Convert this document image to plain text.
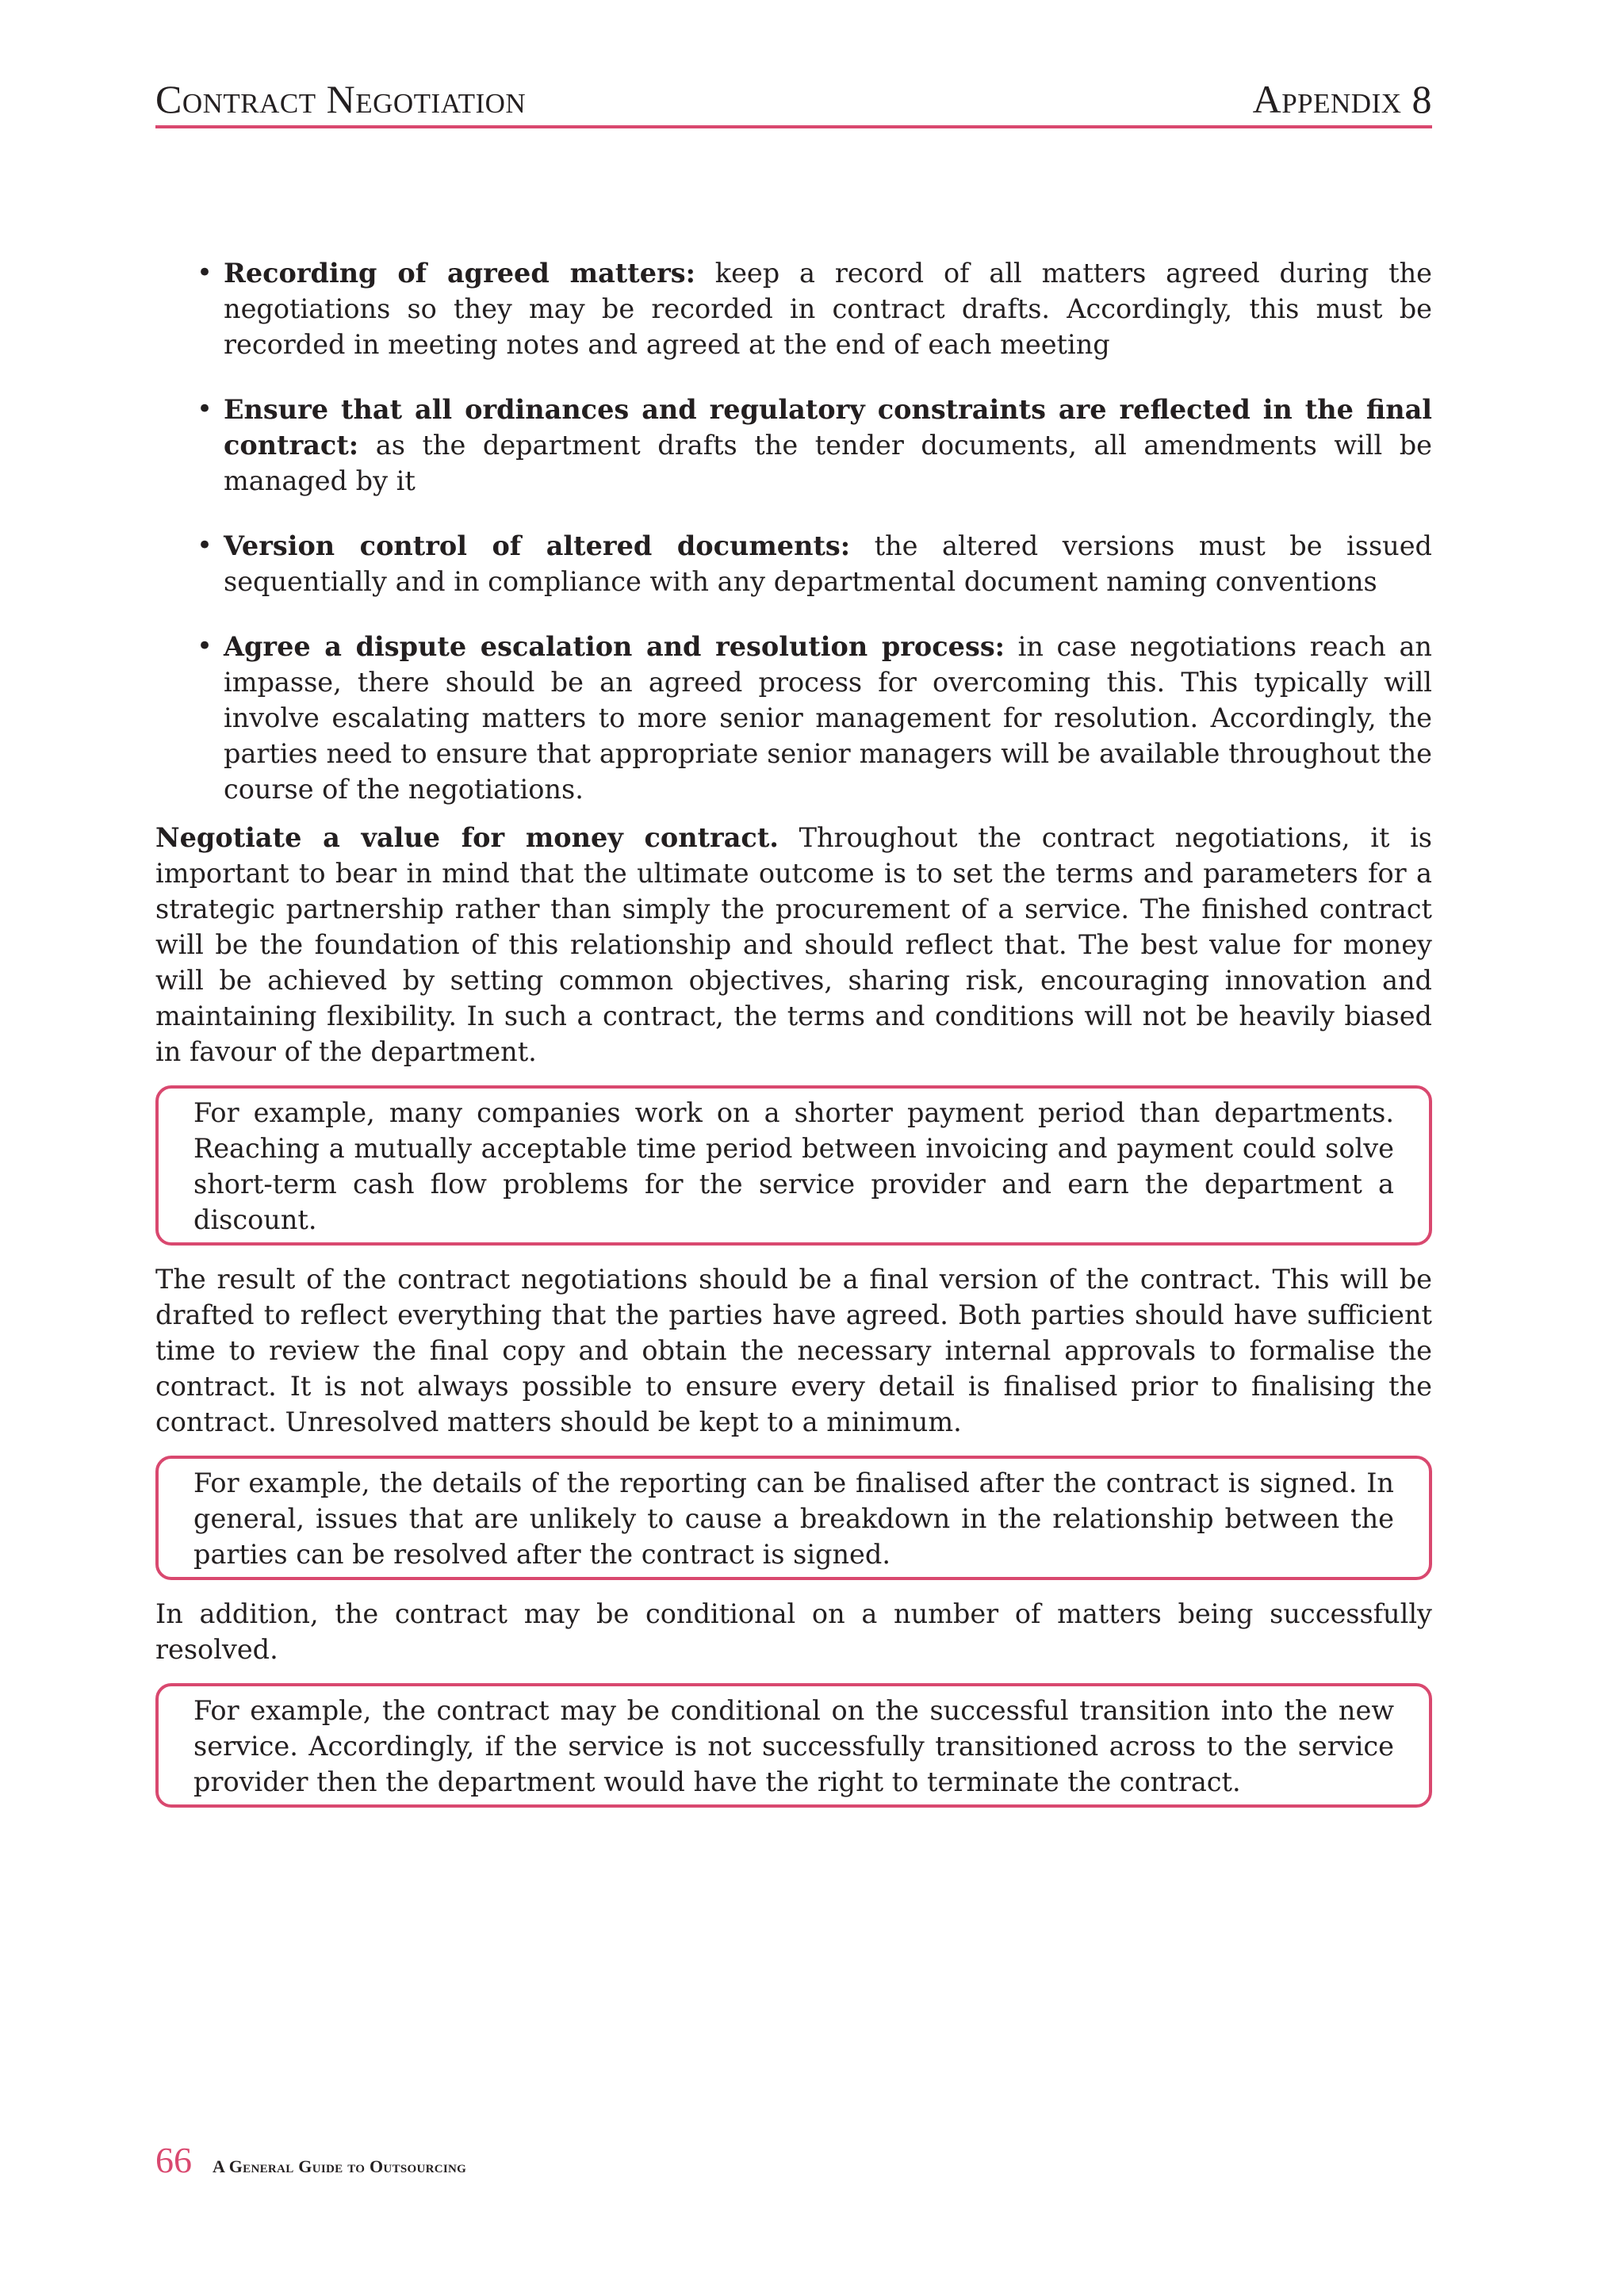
Contract Negotiation	Appendix 8
• Recording of agreed matters: keep a record of all matters agreed during the negotiations so they may be recorded in contract drafts. Accordingly, this must be recorded in meeting notes and agreed at the end of each meeting
• Ensure that all ordinances and regulatory constraints are reflected in the final contract: as the department drafts the tender documents, all amendments will be managed by it
• Version control of altered documents: the altered versions must be issued sequentially and in compliance with any departmental document naming conventions
• Agree a dispute escalation and resolution process: in case negotiations reach an impasse, there should be an agreed process for overcoming this. This typically will involve escalating matters to more senior management for resolution. Accordingly, the parties need to ensure that appropriate senior managers will be available throughout the course of the negotiations.

Negotiate a value for money contract. Throughout the contract negotiations, it is important to bear in mind that the ultimate outcome is to set the terms and parameters for a strategic partnership rather than simply the procurement of a service. The finished contract will be the foundation of this relationship and should reflect that. The best value for money will be achieved by setting common objectives, sharing risk, encouraging innovation and maintaining flexibility. In such a contract, the terms and conditions will not be heavily biased in favour of the department.

For example, many companies work on a shorter payment period than departments. Reaching a mutually acceptable time period between invoicing and payment could solve short-term cash flow problems for the service provider and earn the department a discount.

The result of the contract negotiations should be a final version of the contract. This will be drafted to reflect everything that the parties have agreed. Both parties should have sufficient time to review the final copy and obtain the necessary internal approvals to formalise the contract. It is not always possible to ensure every detail is finalised prior to finalising the contract. Unresolved matters should be kept to a minimum.

For example, the details of the reporting can be finalised after the contract is signed. In general, issues that are unlikely to cause a breakdown in the relationship between the parties can be resolved after the contract is signed.

In addition, the contract may be conditional on a number of matters being successfully resolved.

For example, the contract may be conditional on the successful transition into the new service. Accordingly, if the service is not successfully transitioned across to the service provider then the department would have the right to terminate the contract.
66 A General Guide to Outsourcing
